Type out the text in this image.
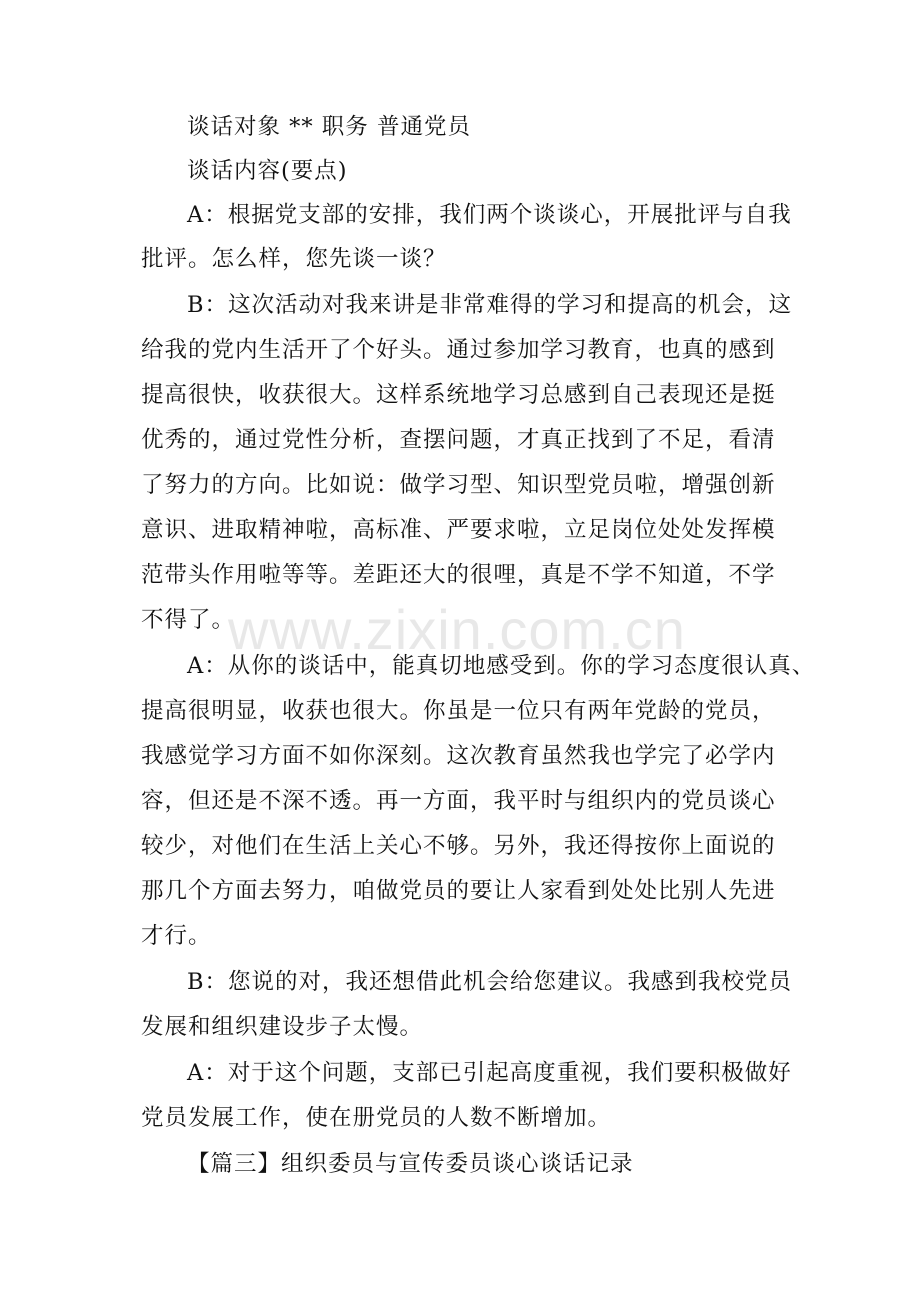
谈话对象 ** 职务 普通党员
谈话内容(要点)
A：根据党支部的安排，我们两个谈谈心，开展批评与自我
批评。怎么样，您先谈一谈？
B：这次活动对我来讲是非常难得的学习和提高的机会，这
给我的党内生活开了个好头。通过参加学习教育，也真的感到
提高很快，收获很大。这样系统地学习总感到自己表现还是挺
优秀的，通过党性分析，查摆问题，才真正找到了不足，看清
了努力的方向。比如说：做学习型、知识型党员啦，增强创新
意识、进取精神啦，高标准、严要求啦，立足岗位处处发挥模
范带头作用啦等等。差距还大的很哩，真是不学不知道，不学
不得了。
A：从你的谈话中，能真切地感受到。你的学习态度很认真、
提高很明显，收获也很大。你虽是一位只有两年党龄的党员，
我感觉学习方面不如你深刻。这次教育虽然我也学完了必学内
容，但还是不深不透。再一方面，我平时与组织内的党员谈心
较少，对他们在生活上关心不够。另外，我还得按你上面说的
那几个方面去努力，咱做党员的要让人家看到处处比别人先进
才行。
B：您说的对，我还想借此机会给您建议。我感到我校党员
发展和组织建设步子太慢。
A：对于这个问题，支部已引起高度重视，我们要积极做好
党员发展工作，使在册党员的人数不断增加。
【篇三】组织委员与宣传委员谈心谈话记录
www.zixin.com.cn
